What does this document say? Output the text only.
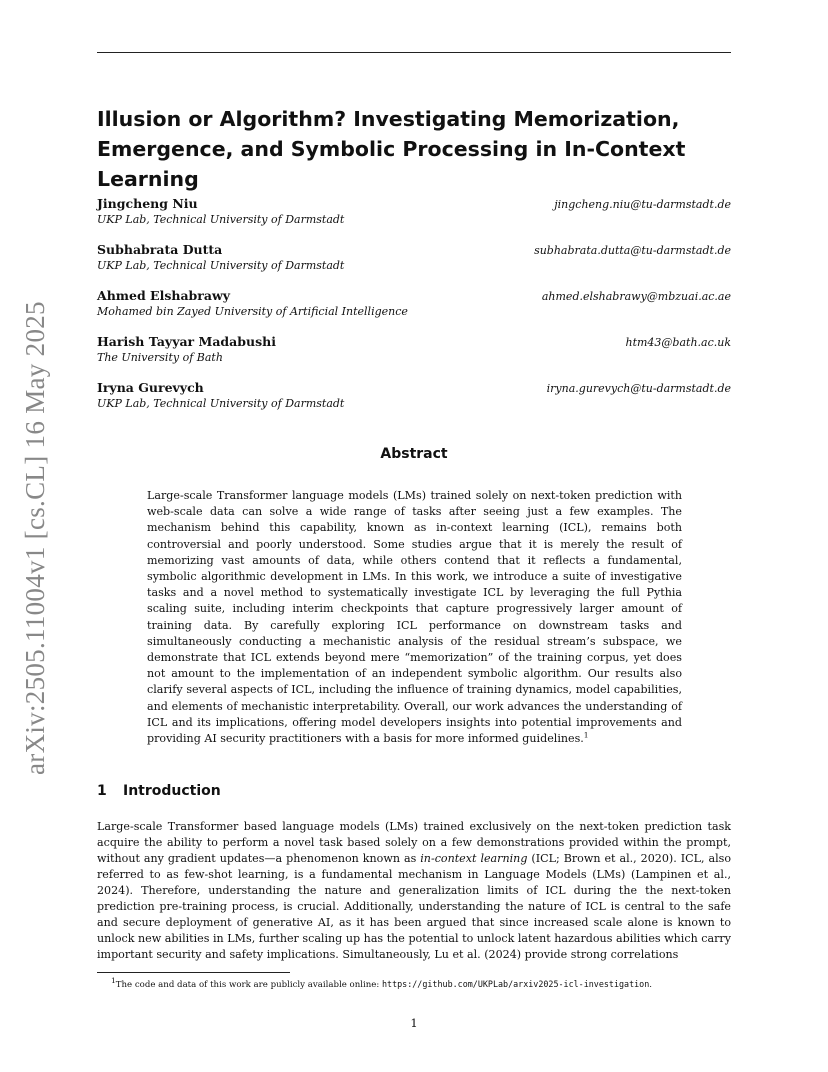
arXiv:2505.11004v1 [cs.CL] 16 May 2025
Illusion or Algorithm? Investigating Memorization, Emergence, and Symbolic Processing in In-Context Learning
Jingcheng Niu
UKP Lab, Technical University of Darmstadt
jingcheng.niu@tu-darmstadt.de
Subhabrata Dutta
UKP Lab, Technical University of Darmstadt
subhabrata.dutta@tu-darmstadt.de
Ahmed Elshabrawy
Mohamed bin Zayed University of Artificial Intelligence
ahmed.elshabrawy@mbzuai.ac.ae
Harish Tayyar Madabushi
The University of Bath
htm43@bath.ac.uk
Iryna Gurevych
UKP Lab, Technical University of Darmstadt
iryna.gurevych@tu-darmstadt.de
Abstract

Large-scale Transformer language models (LMs) trained solely on next-token prediction with web-scale data can solve a wide range of tasks after seeing just a few examples. The mechanism behind this capability, known as in-context learning (ICL), remains both controversial and poorly understood. Some studies argue that it is merely the result of memorizing vast amounts of data, while others contend that it reflects a fundamental, symbolic algorithmic development in LMs. In this work, we introduce a suite of investigative tasks and a novel method to systematically investigate ICL by leveraging the full Pythia scaling suite, including interim checkpoints that capture progressively larger amount of training data. By carefully exploring ICL performance on downstream tasks and simultaneously conducting a mechanistic analysis of the residual stream’s subspace, we demonstrate that ICL extends beyond mere “memorization” of the training corpus, yet does not amount to the implementation of an independent symbolic algorithm. Our results also clarify several aspects of ICL, including the influence of training dynamics, model capabilities, and elements of mechanistic interpretability. Overall, our work advances the understanding of ICL and its implications, offering model developers insights into potential improvements and providing AI security practitioners with a basis for more informed guidelines.$^1$

1 Introduction

Large-scale Transformer based language models (LMs) trained exclusively on the next-token prediction task acquire the ability to perform a novel task based solely on a few demonstrations provided within the prompt, without any gradient updates—a phenomenon known as in-context learning (ICL; Brown et al., 2020). ICL, also referred to as few-shot learning, is a fundamental mechanism in Language Models (LMs) (Lampinen et al., 2024). Therefore, understanding the nature and generalization limits of ICL during the the next-token prediction pre-training process, is crucial. Additionally, understanding the nature of ICL is central to the safe and secure deployment of generative AI, as it has been argued that since increased scale alone is known to unlock new abilities in LMs, further scaling up has the potential to unlock latent hazardous abilities which carry important security and safety implications. Simultaneously, Lu et al. (2024) provide strong correlations

$^1$The code and data of this work are publicly available online: https://github.com/UKPLab/arxiv2025-icl-investigation.

1
